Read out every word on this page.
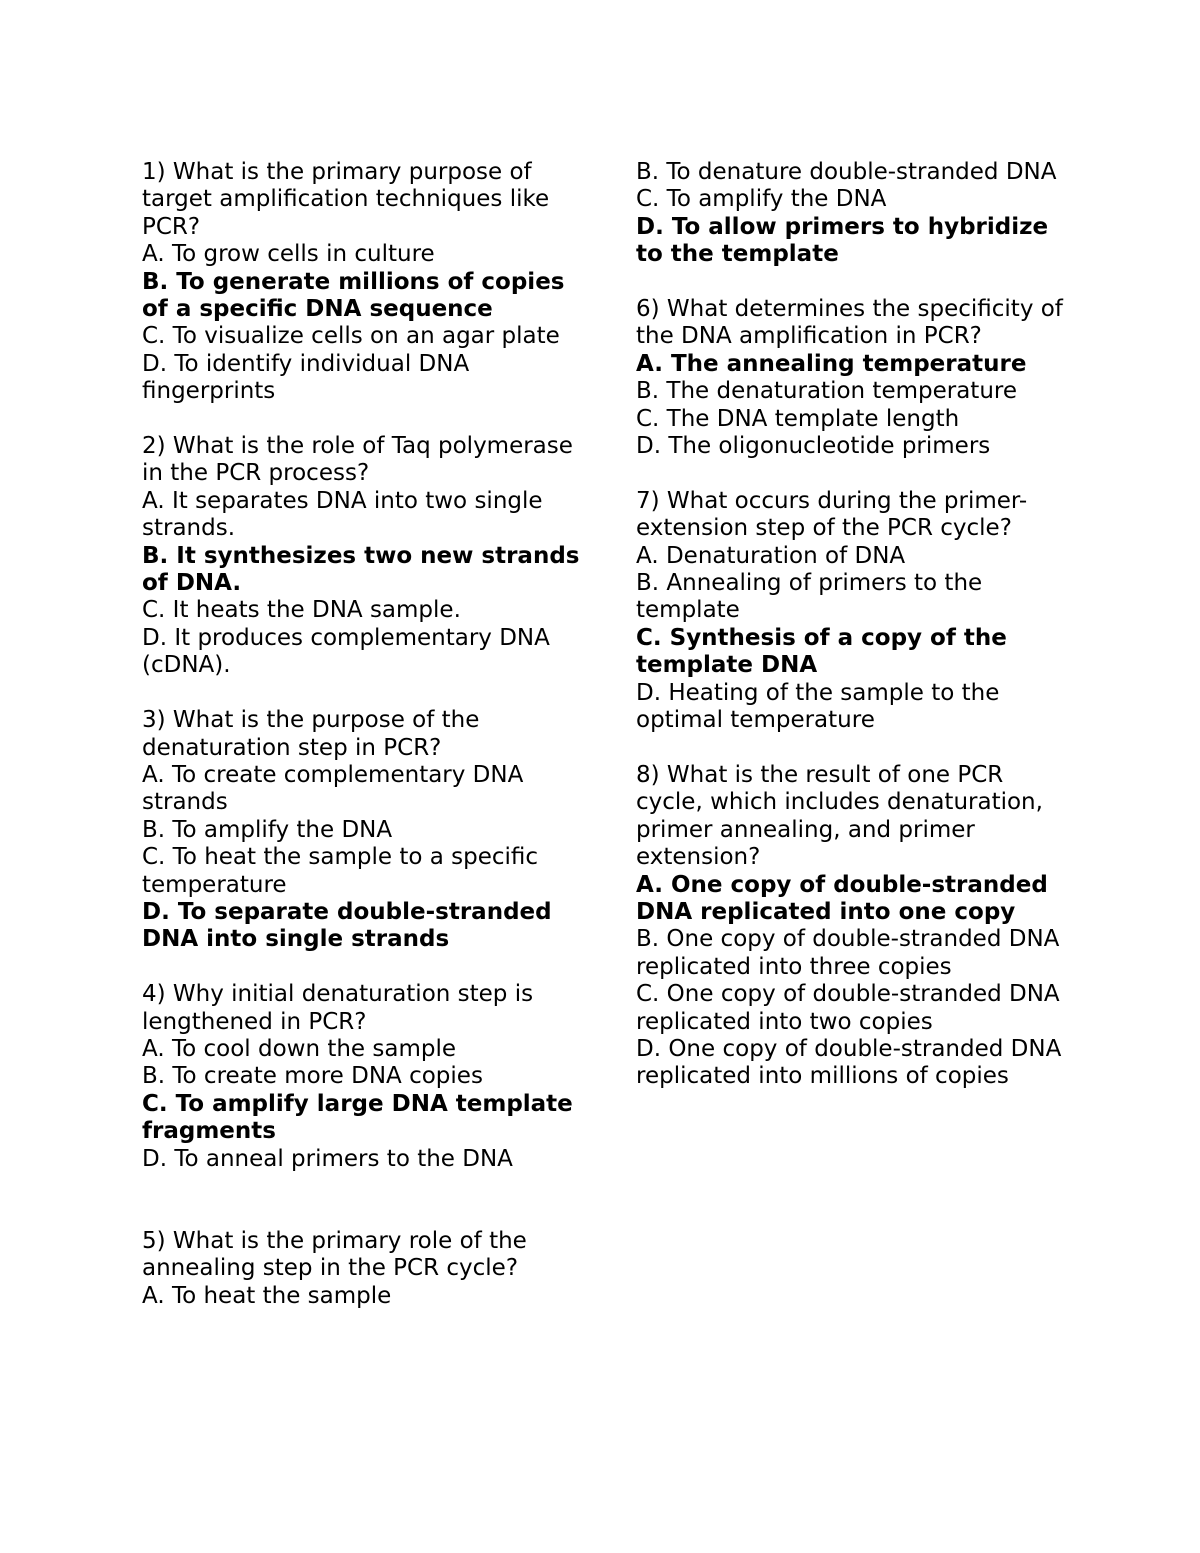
1) What is the primary purpose of target amplification techniques like PCR?
A. To grow cells in culture
B. To generate millions of copies of a specific DNA sequence
C. To visualize cells on an agar plate
D. To identify individual DNA fingerprints
2) What is the role of Taq polymerase in the PCR process?
A. It separates DNA into two single strands.
B. It synthesizes two new strands of DNA.
C. It heats the DNA sample.
D. It produces complementary DNA (cDNA).
3) What is the purpose of the denaturation step in PCR?
A. To create complementary DNA strands
B. To amplify the DNA
C. To heat the sample to a specific temperature
D. To separate double-stranded DNA into single strands
4) Why initial denaturation step is lengthened in PCR?
A. To cool down the sample
B. To create more DNA copies
C. To amplify large DNA template fragments
D. To anneal primers to the DNA
5) What is the primary role of the annealing step in the PCR cycle?
A. To heat the sample
B. To denature double-stranded DNA
C. To amplify the DNA
D. To allow primers to hybridize to the template
6) What determines the specificity of the DNA amplification in PCR?
A. The annealing temperature
B. The denaturation temperature
C. The DNA template length
D. The oligonucleotide primers
7) What occurs during the primer-extension step of the PCR cycle?
A. Denaturation of DNA
B. Annealing of primers to the template
C. Synthesis of a copy of the template DNA
D. Heating of the sample to the optimal temperature
8) What is the result of one PCR cycle, which includes denaturation, primer annealing, and primer extension?
A. One copy of double-stranded DNA replicated into one copy
B. One copy of double-stranded DNA replicated into three copies
C. One copy of double-stranded DNA replicated into two copies
D. One copy of double-stranded DNA replicated into millions of copies
